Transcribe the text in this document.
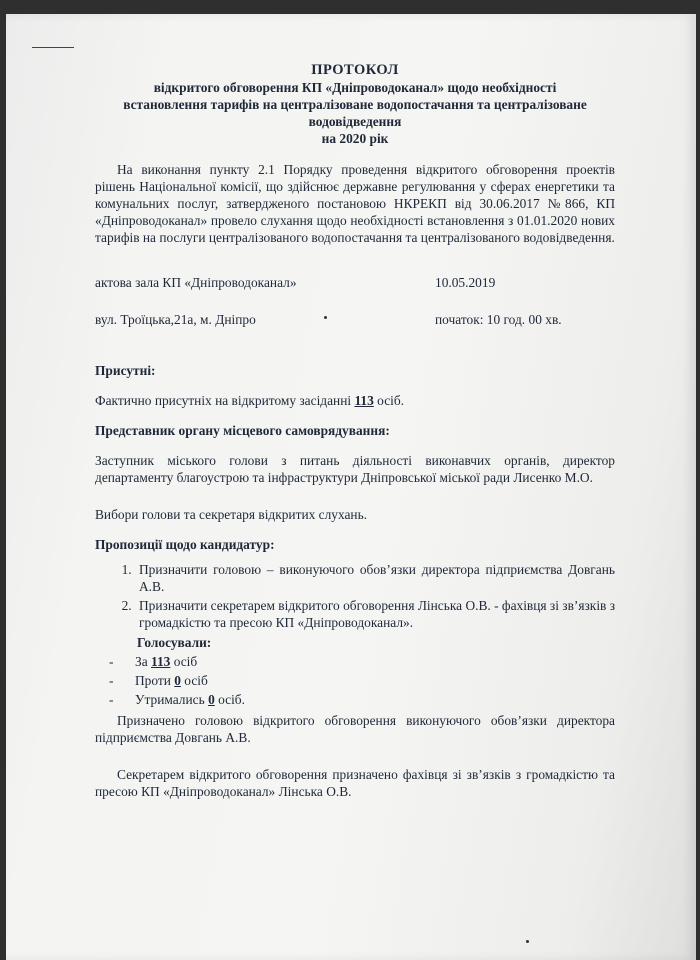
ПРОТОКОЛ
відкритого обговорення КП «Дніпроводоканал» щодо необхідності
встановлення тарифів на централізоване водопостачання та централізоване
водовідведення
на 2020 рік

На виконання пункту 2.1 Порядку проведення відкритого обговорення проектів рішень Національної комісії, що здійснює державне регулювання у сферах енергетики та комунальних послуг, затвердженого постановою НКРЕКП від 30.06.2017 №866, КП «Дніпроводоканал» провело слухання щодо необхідності встановлення з 01.01.2020 нових тарифів на послуги централізованого водопостачання та централізованого водовідведення.

актова зала КП «Дніпроводоканал»	10.05.2019
вул. Троїцька,21а, м. Дніпро	початок: 10 год. 00 хв.
Присутні:

Фактично присутніх на відкритому засіданні 113 осіб.

Представник органу місцевого самоврядування:

Заступник міського голови з питань діяльності виконавчих органів, директор департаменту благоустрою та інфраструктури Дніпровської міської ради Лисенко М.О.

Вибори голови та секретаря відкритих слухань.

Пропозиції щодо кандидатур:
1. Призначити головою – виконуючого обов’язки директора підприємства Довгань А.В.
2. Призначити секретарем відкритого обговорення Лінська О.В. - фахівця зі зв’язків з громадкістю та пресою КП «Дніпроводоканал».
Голосували:
- За 113 осіб
- Проти 0 осіб
- Утримались 0 осіб.

Призначено головою відкритого обговорення виконуючого обов’язки директора підприємства Довгань А.В.

Секретарем відкритого обговорення призначено фахівця зі зв’язків з громадкістю та пресою КП «Дніпроводоканал» Лінська О.В.
